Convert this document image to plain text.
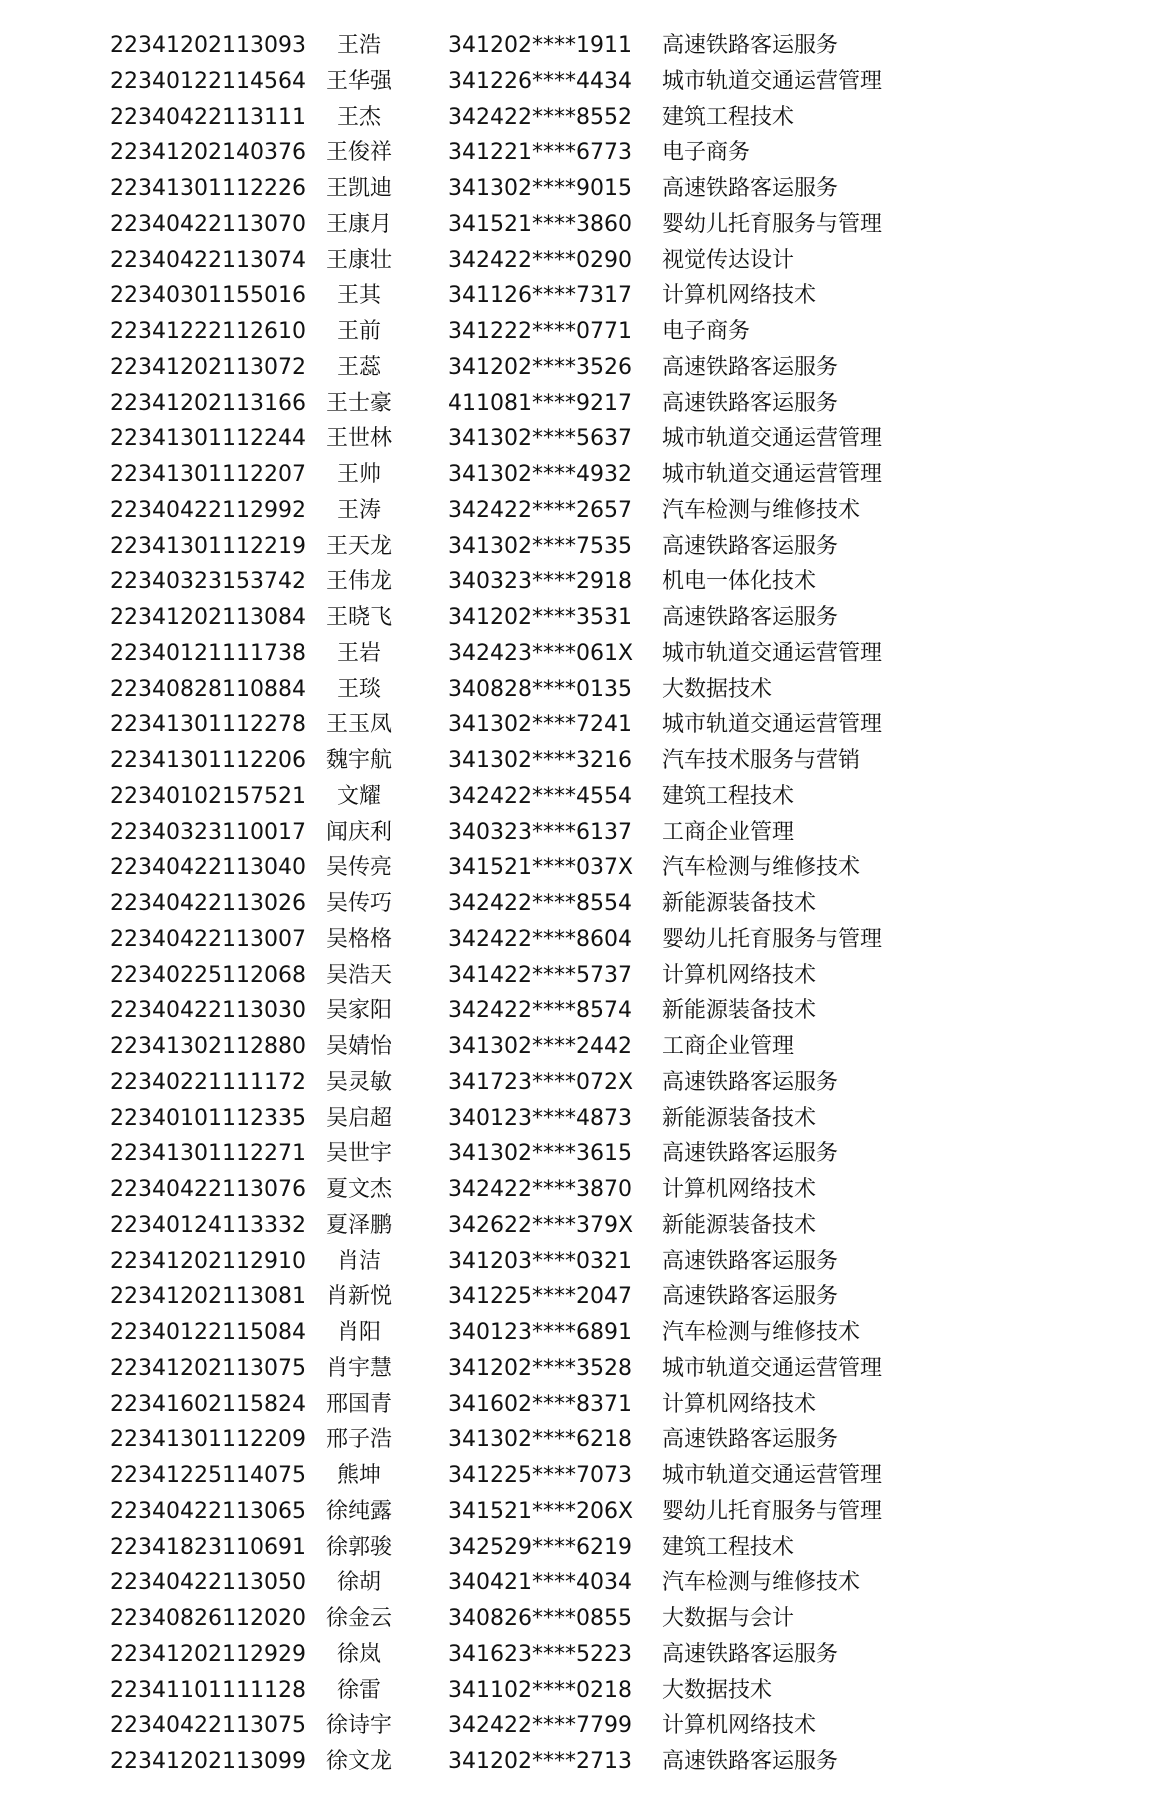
22341202113093	王浩	341202****1911	高速铁路客运服务
22340122114564 王华强	341226****4434	城市轨道交通运营管理
22340422113111	王杰	342422****8552	建筑工程技术
22341202140376 王俊祥	341221****6773	电子商务
22341301112226 王凯迪	341302****9015	高速铁路客运服务
22340422113070 王康月	341521****3860	婴幼儿托育服务与管理
22340422113074 王康壮	342422****0290	视觉传达设计
22340301155016	王其	341126****7317	计算机网络技术
22341222112610	王前	341222****0771	电子商务
22341202113072	王蕊	341202****3526	高速铁路客运服务
22341202113166 王士豪	411081****9217	高速铁路客运服务
22341301112244 王世林	341302****5637	城市轨道交通运营管理
22341301112207	王帅	341302****4932	城市轨道交通运营管理
22340422112992	王涛	342422****2657	汽车检测与维修技术
22341301112219 王天龙	341302****7535	高速铁路客运服务
22340323153742 王伟龙	340323****2918	机电一体化技术
22341202113084 王晓飞	341202****3531	高速铁路客运服务
22340121111738	王岩	342423****061X	城市轨道交通运营管理
22340828110884	王琰	340828****0135	大数据技术
22341301112278 王玉凤	341302****7241	城市轨道交通运营管理
22341301112206 魏宇航	341302****3216	汽车技术服务与营销
22340102157521	文耀	342422****4554	建筑工程技术
22340323110017 闻庆利	340323****6137	工商企业管理
22340422113040 吴传亮	341521****037X	汽车检测与维修技术
22340422113026 吴传巧	342422****8554	新能源装备技术
22340422113007 吴格格	342422****8604	婴幼儿托育服务与管理
22340225112068 吴浩天	341422****5737	计算机网络技术
22340422113030 吴家阳	342422****8574	新能源装备技术
22341302112880 吴婧怡	341302****2442	工商企业管理
22340221111172 吴灵敏	341723****072X	高速铁路客运服务
22340101112335 吴启超	340123****4873	新能源装备技术
22341301112271 吴世宇	341302****3615	高速铁路客运服务
22340422113076 夏文杰	342422****3870	计算机网络技术
22340124113332 夏泽鹏	342622****379X	新能源装备技术
22341202112910	肖洁	341203****0321	高速铁路客运服务
22341202113081 肖新悦	341225****2047	高速铁路客运服务
22340122115084	肖阳	340123****6891	汽车检测与维修技术
22341202113075 肖宇慧	341202****3528	城市轨道交通运营管理
22341602115824 邢国青	341602****8371	计算机网络技术
22341301112209 邢子浩	341302****6218	高速铁路客运服务
22341225114075	熊坤	341225****7073	城市轨道交通运营管理
22340422113065 徐纯露	341521****206X	婴幼儿托育服务与管理
22341823110691 徐郭骏	342529****6219	建筑工程技术
22340422113050	徐胡	340421****4034	汽车检测与维修技术
22340826112020 徐金云	340826****0855	大数据与会计
22341202112929	徐岚	341623****5223	高速铁路客运服务
22341101111128	徐雷	341102****0218	大数据技术
22340422113075 徐诗宇	342422****7799	计算机网络技术
22341202113099 徐文龙	341202****2713	高速铁路客运服务
